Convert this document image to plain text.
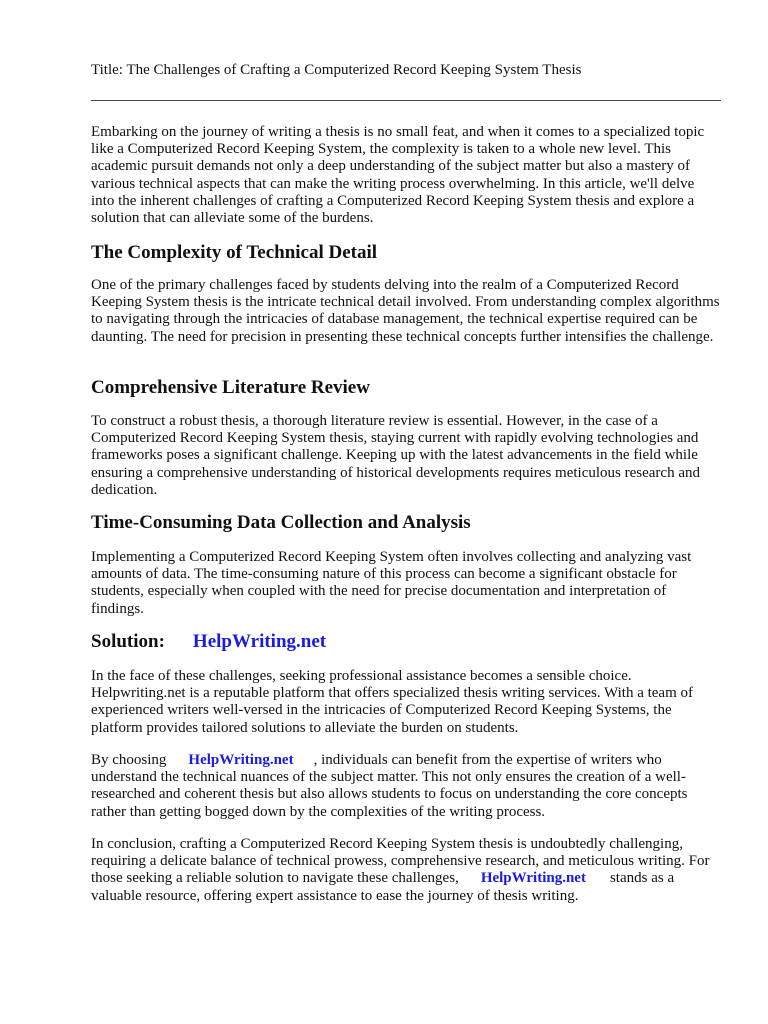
Title: The Challenges of Crafting a Computerized Record Keeping System Thesis

Embarking on the journey of writing a thesis is no small feat, and when it comes to a specialized topic like a Computerized Record Keeping System, the complexity is taken to a whole new level. This academic pursuit demands not only a deep understanding of the subject matter but also a mastery of various technical aspects that can make the writing process overwhelming. In this article, we'll delve into the inherent challenges of crafting a Computerized Record Keeping System thesis and explore a solution that can alleviate some of the burdens.

The Complexity of Technical Detail

One of the primary challenges faced by students delving into the realm of a Computerized Record Keeping System thesis is the intricate technical detail involved. From understanding complex algorithms to navigating through the intricacies of database management, the technical expertise required can be daunting. The need for precision in presenting these technical concepts further intensifies the challenge.

Comprehensive Literature Review

To construct a robust thesis, a thorough literature review is essential. However, in the case of a Computerized Record Keeping System thesis, staying current with rapidly evolving technologies and frameworks poses a significant challenge. Keeping up with the latest advancements in the field while ensuring a comprehensive understanding of historical developments requires meticulous research and dedication.

Time-Consuming Data Collection and Analysis

Implementing a Computerized Record Keeping System often involves collecting and analyzing vast amounts of data. The time-consuming nature of this process can become a significant obstacle for students, especially when coupled with the need for precise documentation and interpretation of findings.

Solution: HelpWriting.net

In the face of these challenges, seeking professional assistance becomes a sensible choice. Helpwriting.net is a reputable platform that offers specialized thesis writing services. With a team of experienced writers well-versed in the intricacies of Computerized Record Keeping Systems, the platform provides tailored solutions to alleviate the burden on students.

By choosing HelpWriting.net , individuals can benefit from the expertise of writers who understand the technical nuances of the subject matter. This not only ensures the creation of a well-researched and coherent thesis but also allows students to focus on understanding the core concepts rather than getting bogged down by the complexities of the writing process.

In conclusion, crafting a Computerized Record Keeping System thesis is undoubtedly challenging, requiring a delicate balance of technical prowess, comprehensive research, and meticulous writing. For those seeking a reliable solution to navigate these challenges, HelpWriting.net stands as a valuable resource, offering expert assistance to ease the journey of thesis writing.
